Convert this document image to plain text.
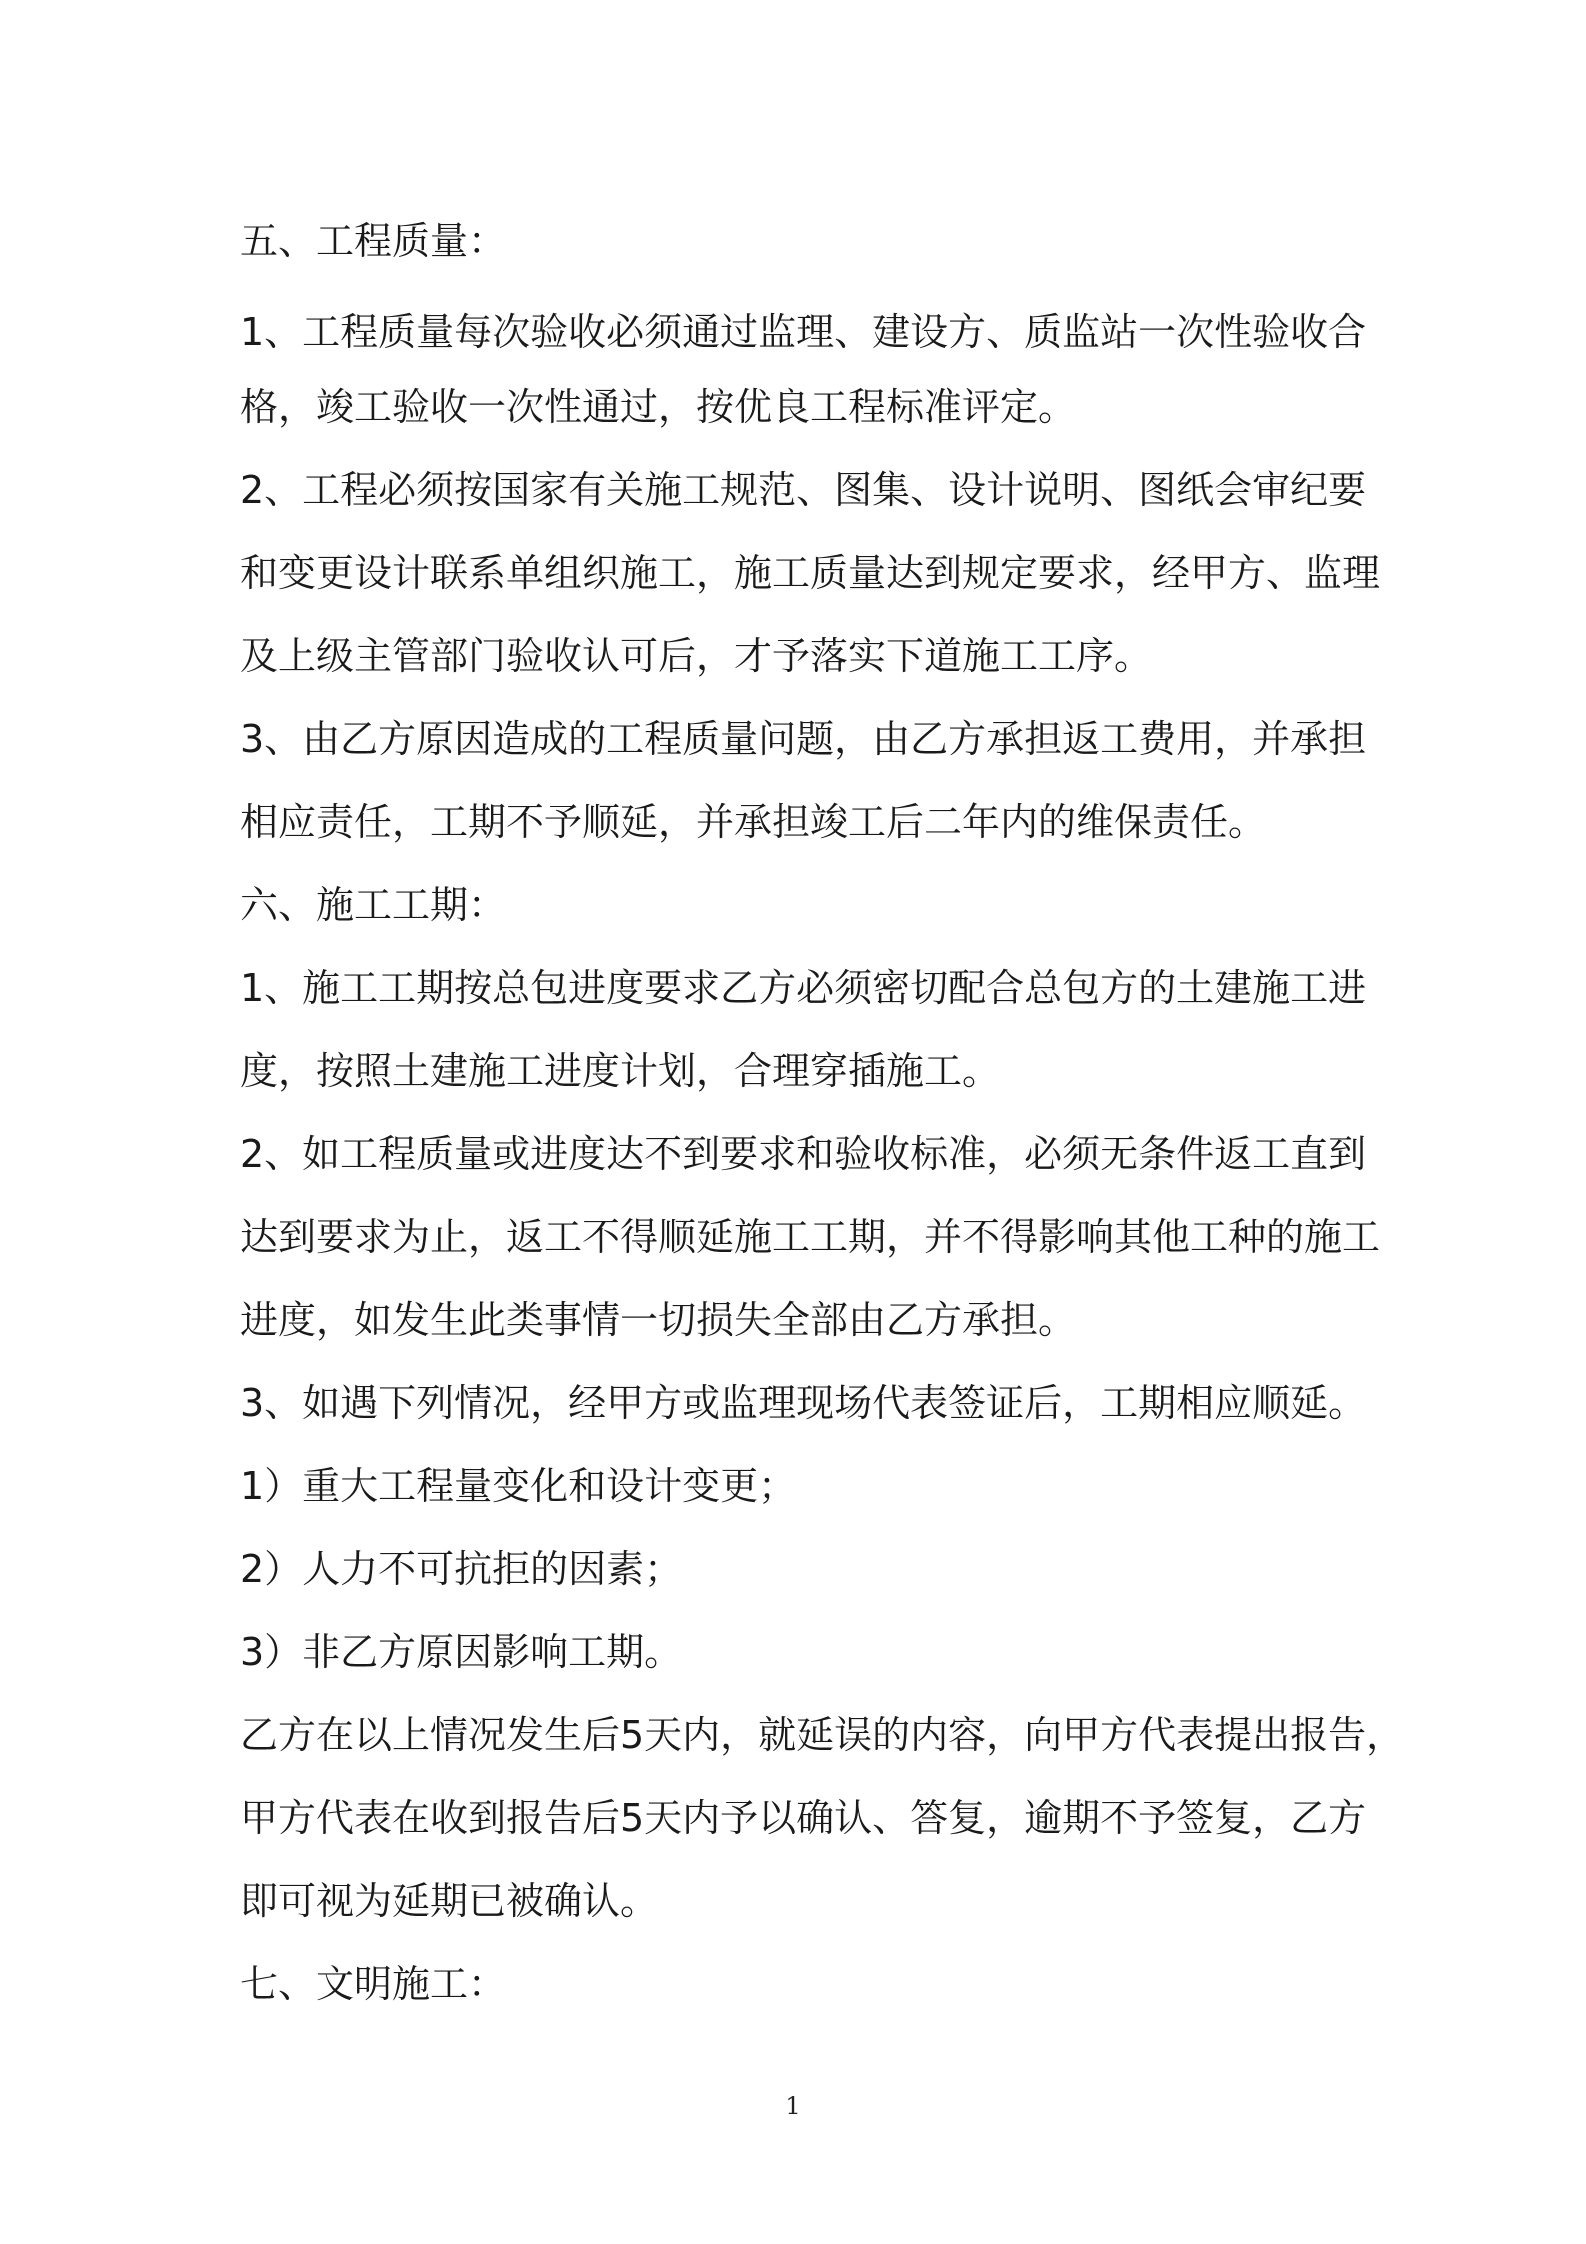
五、工程质量：

1、工程质量每次验收必须通过监理、建设方、质监站一次性验收合

格，竣工验收一次性通过，按优良工程标准评定。

2、工程必须按国家有关施工规范、图集、设计说明、图纸会审纪要

和变更设计联系单组织施工，施工质量达到规定要求，经甲方、监理

及上级主管部门验收认可后，才予落实下道施工工序。

3、由乙方原因造成的工程质量问题，由乙方承担返工费用，并承担

相应责任，工期不予顺延，并承担竣工后二年内的维保责任。

六、施工工期：

1、施工工期按总包进度要求乙方必须密切配合总包方的土建施工进

度，按照土建施工进度计划，合理穿插施工。

2、如工程质量或进度达不到要求和验收标准，必须无条件返工直到

达到要求为止，返工不得顺延施工工期，并不得影响其他工种的施工

进度，如发生此类事情一切损失全部由乙方承担。

3、如遇下列情况，经甲方或监理现场代表签证后，工期相应顺延。

1）重大工程量变化和设计变更；

2）人力不可抗拒的因素；

3）非乙方原因影响工期。

乙方在以上情况发生后5天内，就延误的内容，向甲方代表提出报告，

甲方代表在收到报告后5天内予以确认、答复，逾期不予签复，乙方

即可视为延期已被确认。

七、文明施工：

1
